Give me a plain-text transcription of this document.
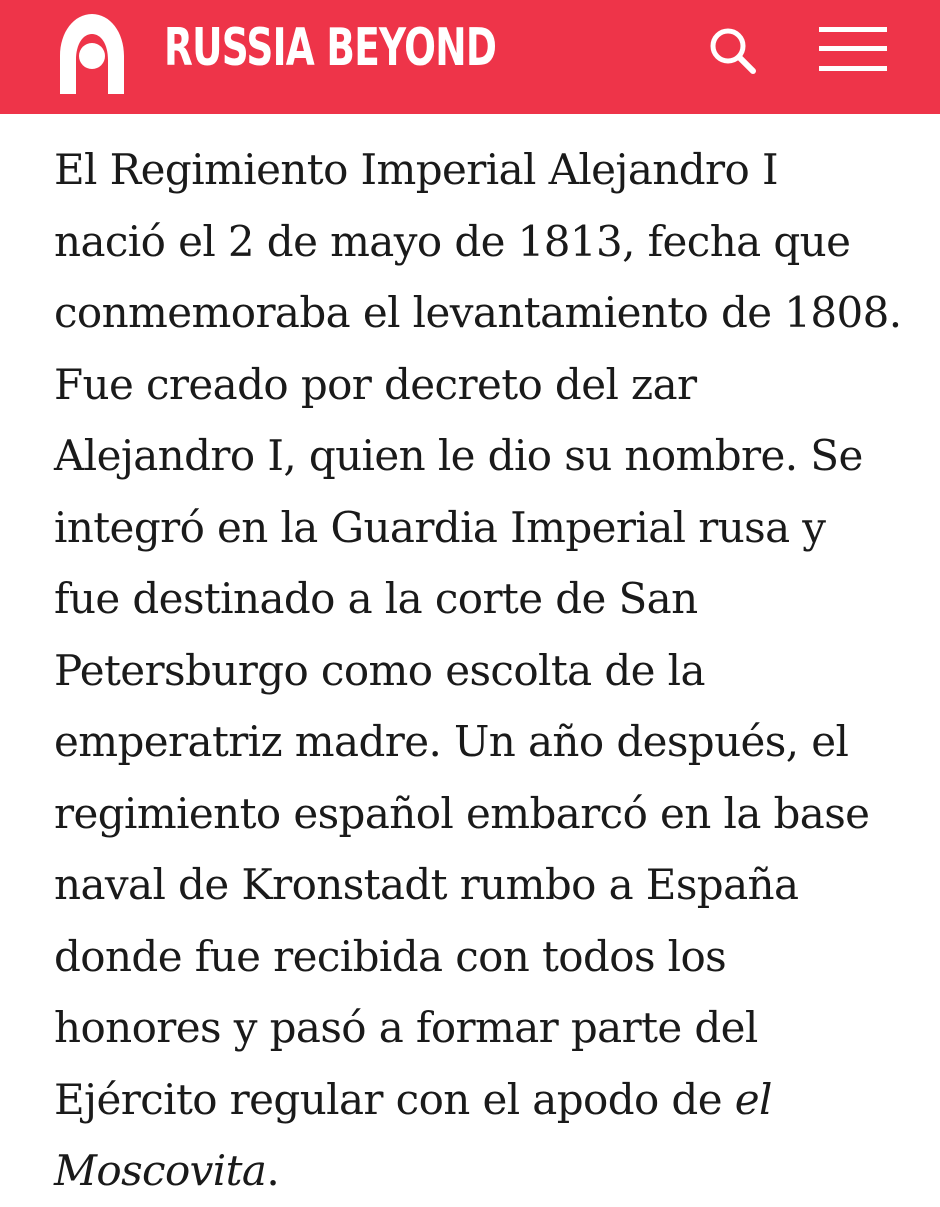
RUSSIA BEYOND
El Regimiento Imperial Alejandro I
nació el 2 de mayo de 1813, fecha que
conmemoraba el levantamiento de 1808.
Fue creado por decreto del zar
Alejandro I, quien le dio su nombre. Se
integró en la Guardia Imperial rusa y
fue destinado a la corte de San
Petersburgo como escolta de la
emperatriz madre. Un año después, el
regimiento español embarcó en la base
naval de Kronstadt rumbo a España
donde fue recibida con todos los
honores y pasó a formar parte del
Ejército regular con el apodo de el
Moscovita.
